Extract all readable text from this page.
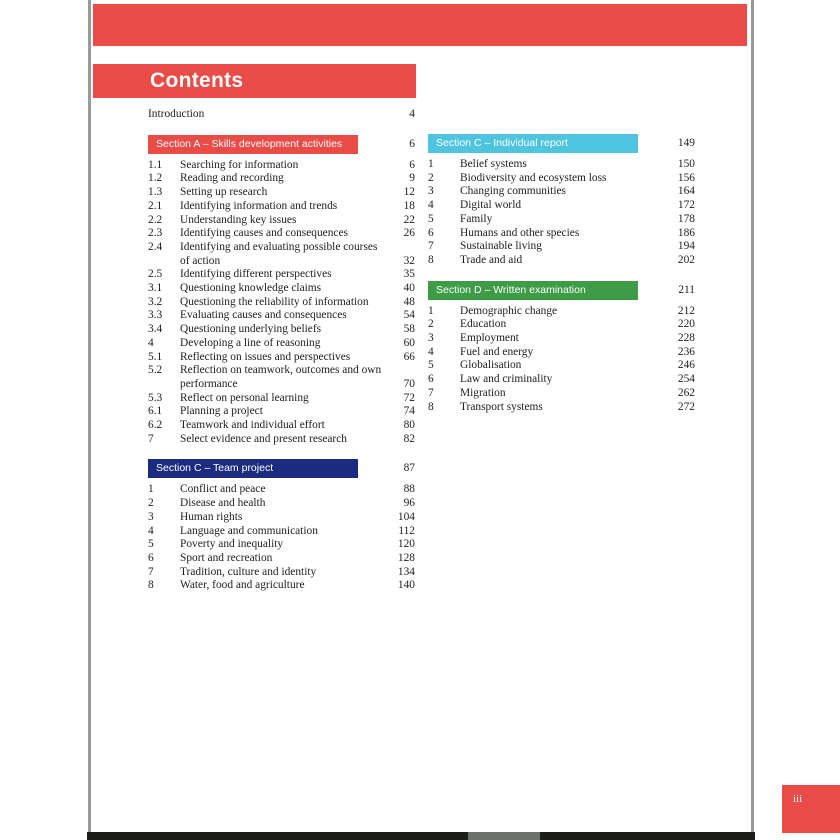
Contents
Introduction	4
Section A – Skills development activities	6
1.1	Searching for information	6
1.2	Reading and recording	9
1.3	Setting up research	12
2.1	Identifying information and trends	18
2.2	Understanding key issues	22
2.3	Identifying causes and consequences	26
2.4	Identifying and evaluating possible courses of action	32
2.5	Identifying different perspectives	35
3.1	Questioning knowledge claims	40
3.2	Questioning the reliability of information	48
3.3	Evaluating causes and consequences	54
3.4	Questioning underlying beliefs	58
4	Developing a line of reasoning	60
5.1	Reflecting on issues and perspectives	66
5.2	Reflection on teamwork, outcomes and own performance	70
5.3	Reflect on personal learning	72
6.1	Planning a project	74
6.2	Teamwork and individual effort	80
7	Select evidence and present research	82
Section C – Team project	87
1	Conflict and peace	88
2	Disease and health	96
3	Human rights	104
4	Language and communication	112
5	Poverty and inequality	120
6	Sport and recreation	128
7	Tradition, culture and identity	134
8	Water, food and agriculture	140
Section C – Individual report	149
1	Belief systems	150
2	Biodiversity and ecosystem loss	156
3	Changing communities	164
4	Digital world	172
5	Family	178
6	Humans and other species	186
7	Sustainable living	194
8	Trade and aid	202
Section D – Written examination	211
1	Demographic change	212
2	Education	220
3	Employment	228
4	Fuel and energy	236
5	Globalisation	246
6	Law and criminality	254
7	Migration	262
8	Transport systems	272
iii
